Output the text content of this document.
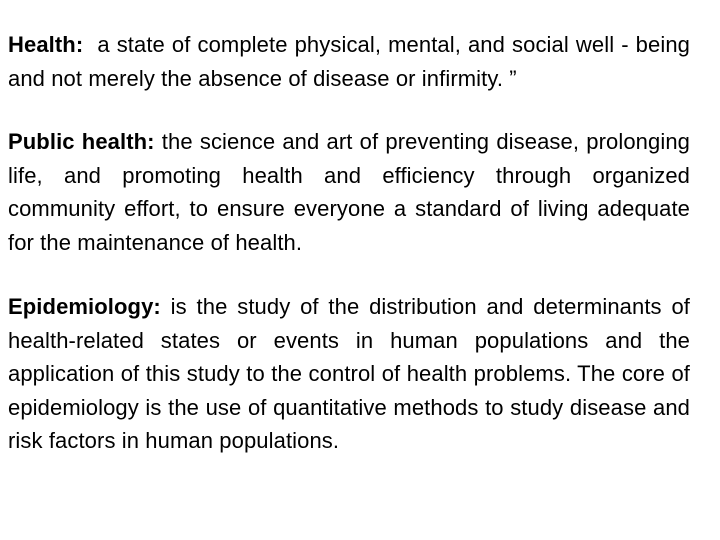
Health: a state of complete physical, mental, and social well - being and not merely the absence of disease or infirmity. ”

Public health: the science and art of preventing disease, prolonging life, and promoting health and efficiency through organized community effort, to ensure everyone a standard of living adequate for the maintenance of health.

Epidemiology: is the study of the distribution and determinants of health-related states or events in human populations and the application of this study to the control of health problems. The core of epidemiology is the use of quantitative methods to study disease and risk factors in human populations.
